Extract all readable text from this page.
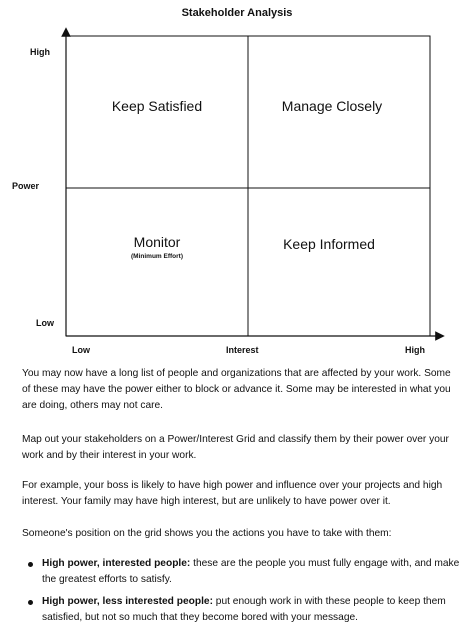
Stakeholder Analysis
High
Power
Low
Low	Interest	High
Keep Satisfied	Manage Closely
Monitor
(Minimum Effort)
Keep Informed
You may now have a long list of people and organizations that are affected by your work. Some of these may have the power either to block or advance it. Some may be interested in what you are doing, others may not care.
Map out your stakeholders on a Power/Interest Grid and classify them by their power over your work and by their interest in your work.
For example, your boss is likely to have high power and influence over your projects and high interest. Your family may have high interest, but are unlikely to have power over it.
Someone's position on the grid shows you the actions you have to take with them:
High power, interested people: these are the people you must fully engage with, and make the greatest efforts to satisfy.
High power, less interested people: put enough work in with these people to keep them satisfied, but not so much that they become bored with your message.
